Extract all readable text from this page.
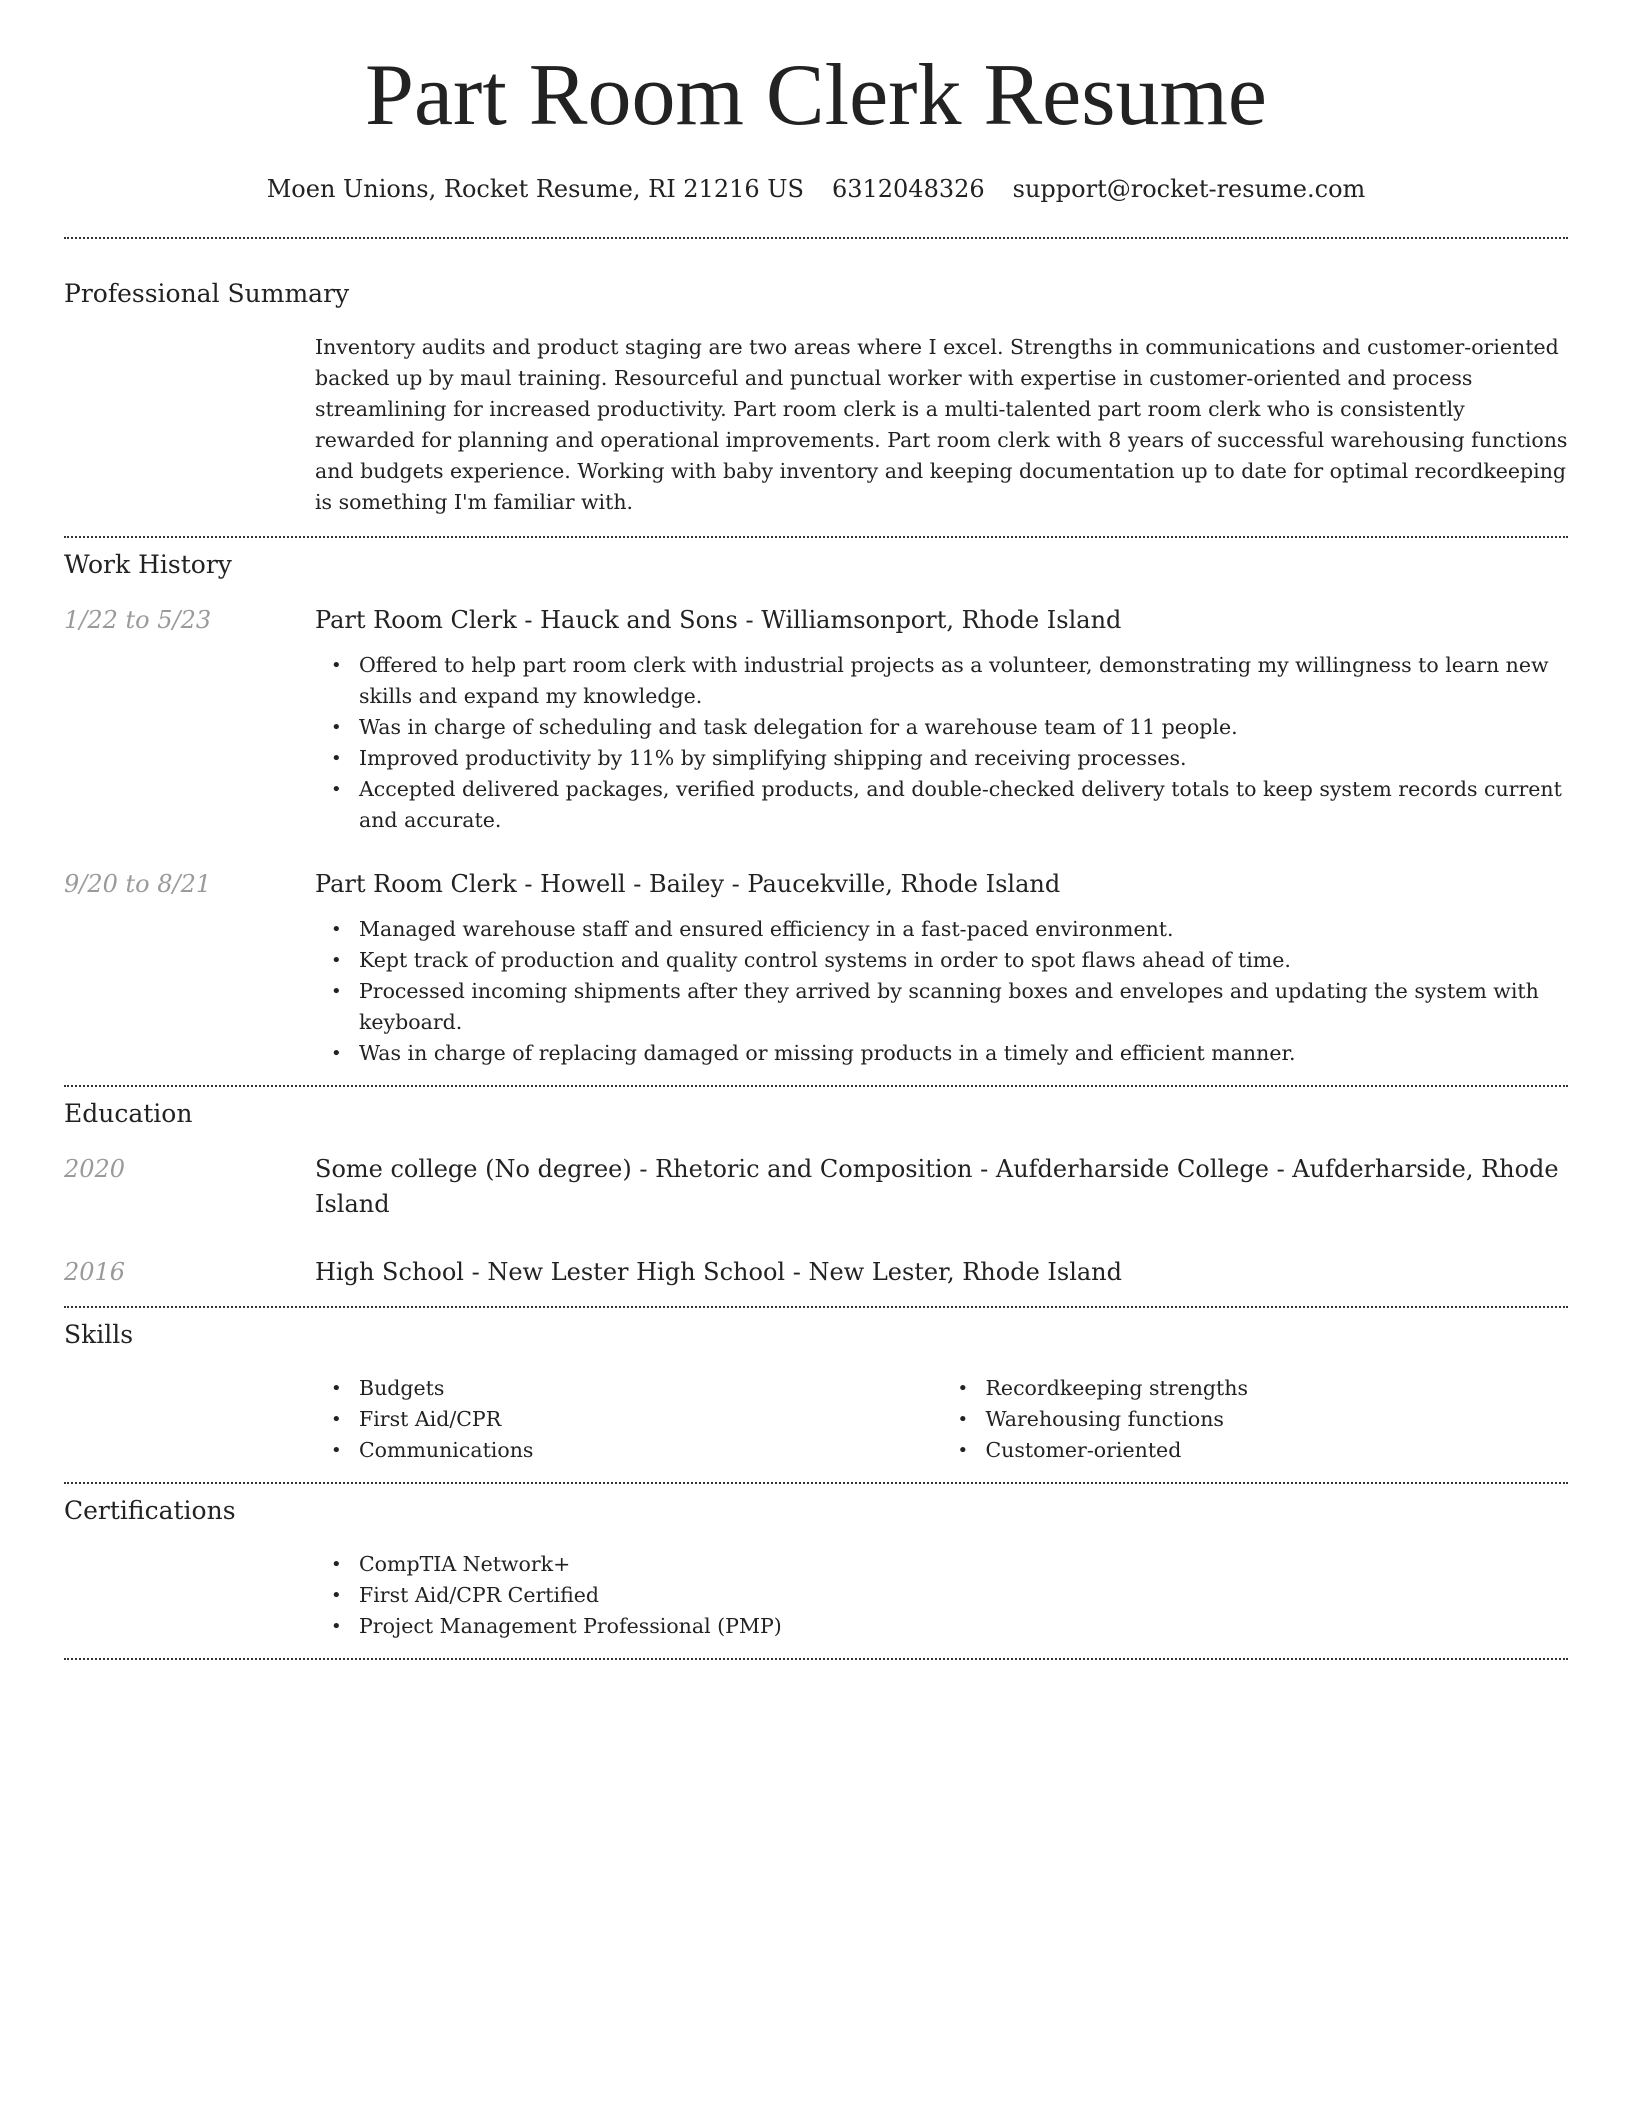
Part Room Clerk Resume
Moen Unions, Rocket Resume, RI 21216 US 6312048326 support@rocket-resume.com
Professional Summary
Inventory audits and product staging are two areas where I excel. Strengths in communications and customer-oriented backed up by maul training. Resourceful and punctual worker with expertise in customer-oriented and process streamlining for increased productivity. Part room clerk is a multi-talented part room clerk who is consistently rewarded for planning and operational improvements. Part room clerk with 8 years of successful warehousing functions and budgets experience. Working with baby inventory and keeping documentation up to date for optimal recordkeeping is something I'm familiar with.
Work History
1/22 to 5/23	Part Room Clerk - Hauck and Sons - Williamsonport, Rhode Island
• Offered to help part room clerk with industrial projects as a volunteer, demonstrating my willingness to learn new skills and expand my knowledge.
• Was in charge of scheduling and task delegation for a warehouse team of 11 people.
• Improved productivity by 11% by simplifying shipping and receiving processes.
• Accepted delivered packages, verified products, and double-checked delivery totals to keep system records current and accurate.
9/20 to 8/21	Part Room Clerk - Howell - Bailey - Paucekville, Rhode Island
• Managed warehouse staff and ensured efficiency in a fast-paced environment.
• Kept track of production and quality control systems in order to spot flaws ahead of time.
• Processed incoming shipments after they arrived by scanning boxes and envelopes and updating the system with keyboard.
• Was in charge of replacing damaged or missing products in a timely and efficient manner.
Education
2020	Some college (No degree) - Rhetoric and Composition - Aufderharside College - Aufderharside, Rhode Island
2016	High School - New Lester High School - New Lester, Rhode Island
Skills
• Budgets
• First Aid/CPR
• Communications
• Recordkeeping strengths
• Warehousing functions
• Customer-oriented
Certifications
• CompTIA Network+
• First Aid/CPR Certified
• Project Management Professional (PMP)
